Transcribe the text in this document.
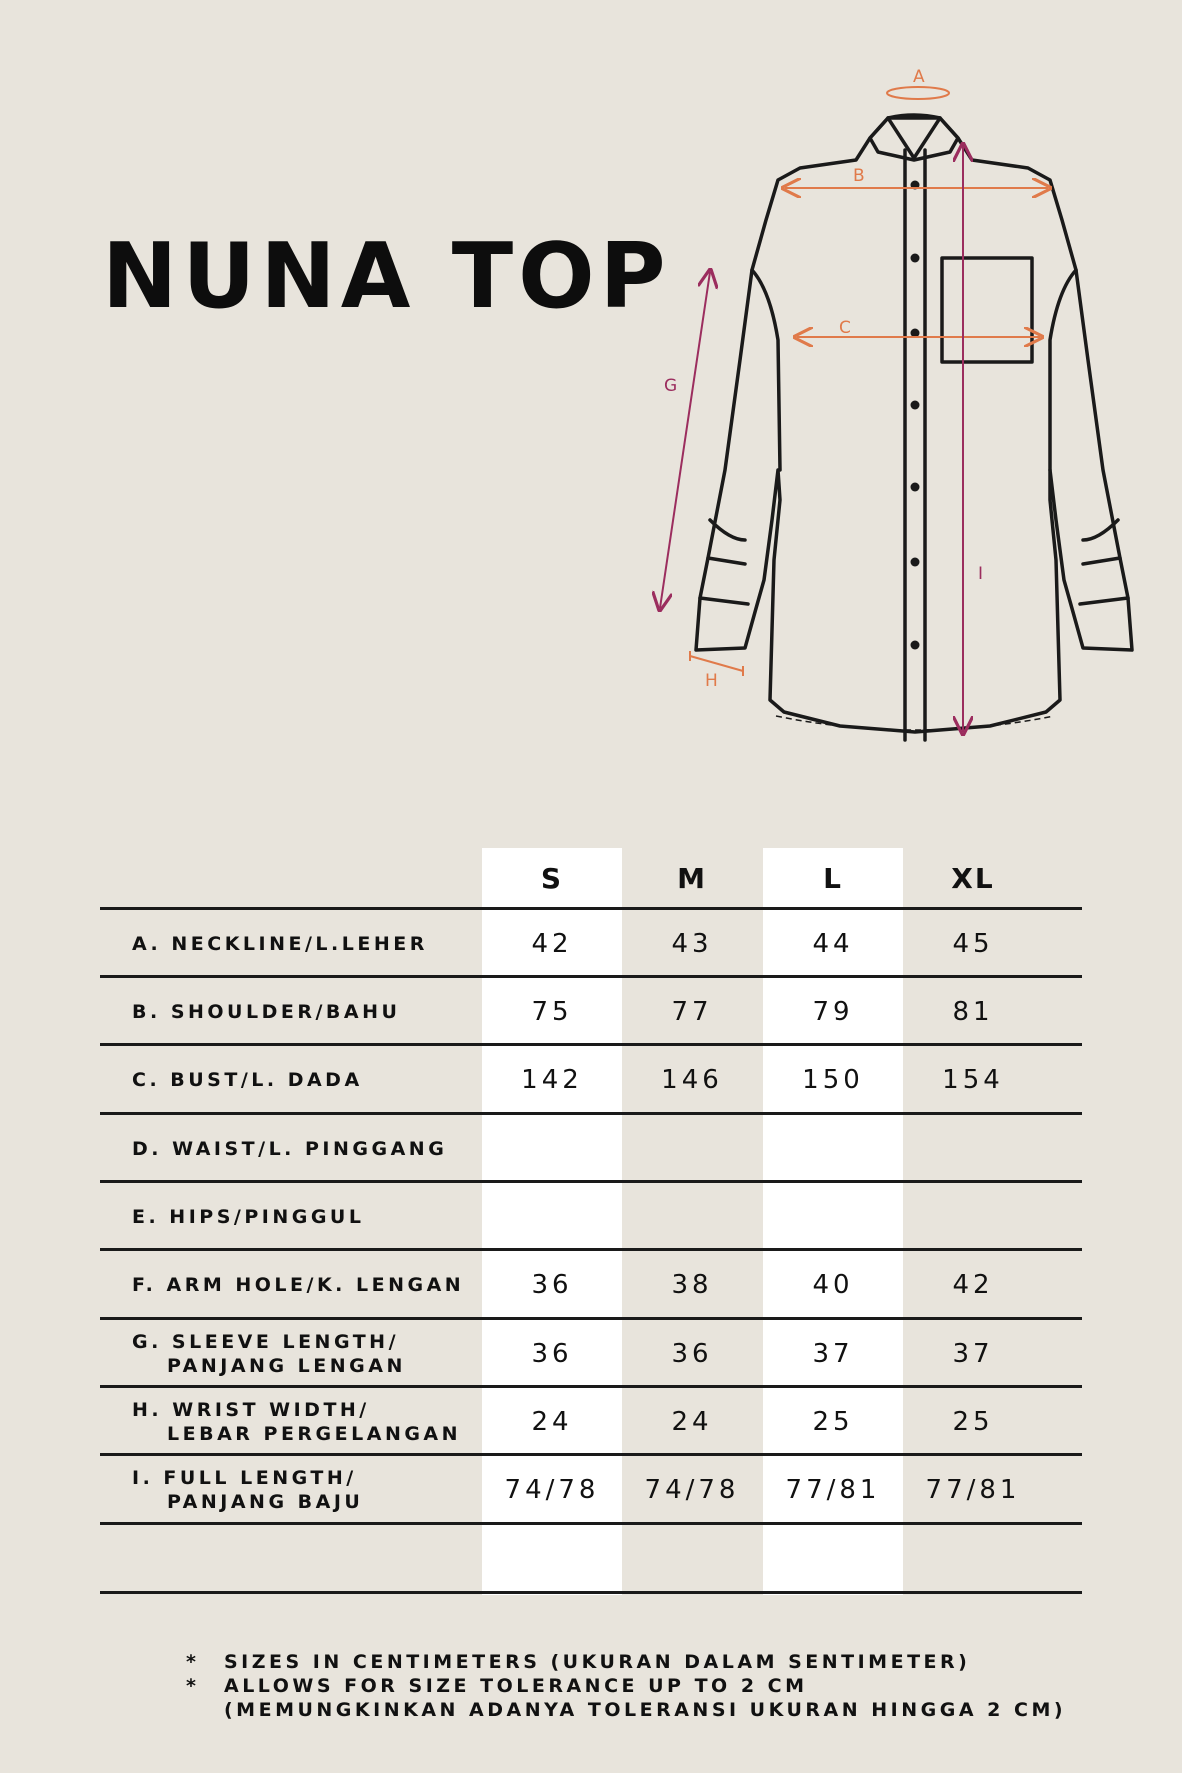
NUNA TOP
A
B
C
G
H
I
S	M	L	XL
A. NECKLINE/L.LEHER	42	43	44	45
B. SHOULDER/BAHU	75	77	79	81
C. BUST/L. DADA	142	146	150	154
D. WAIST/L. PINGGANG
E. HIPS/PINGGUL
F. ARM HOLE/K. LENGAN	36	38	40	42
G. SLEEVE LENGTH/
PANJANG LENGAN	36	36	37	37
H. WRIST WIDTH/
LEBAR PERGELANGAN	24	24	25	25
I. FULL LENGTH/
PANJANG BAJU	74/78	74/78	77/81	77/81
* SIZES IN CENTIMETERS (UKURAN DALAM SENTIMETER)
* ALLOWS FOR SIZE TOLERANCE UP TO 2 CM
(MEMUNGKINKAN ADANYA TOLERANSI UKURAN HINGGA 2 CM)
